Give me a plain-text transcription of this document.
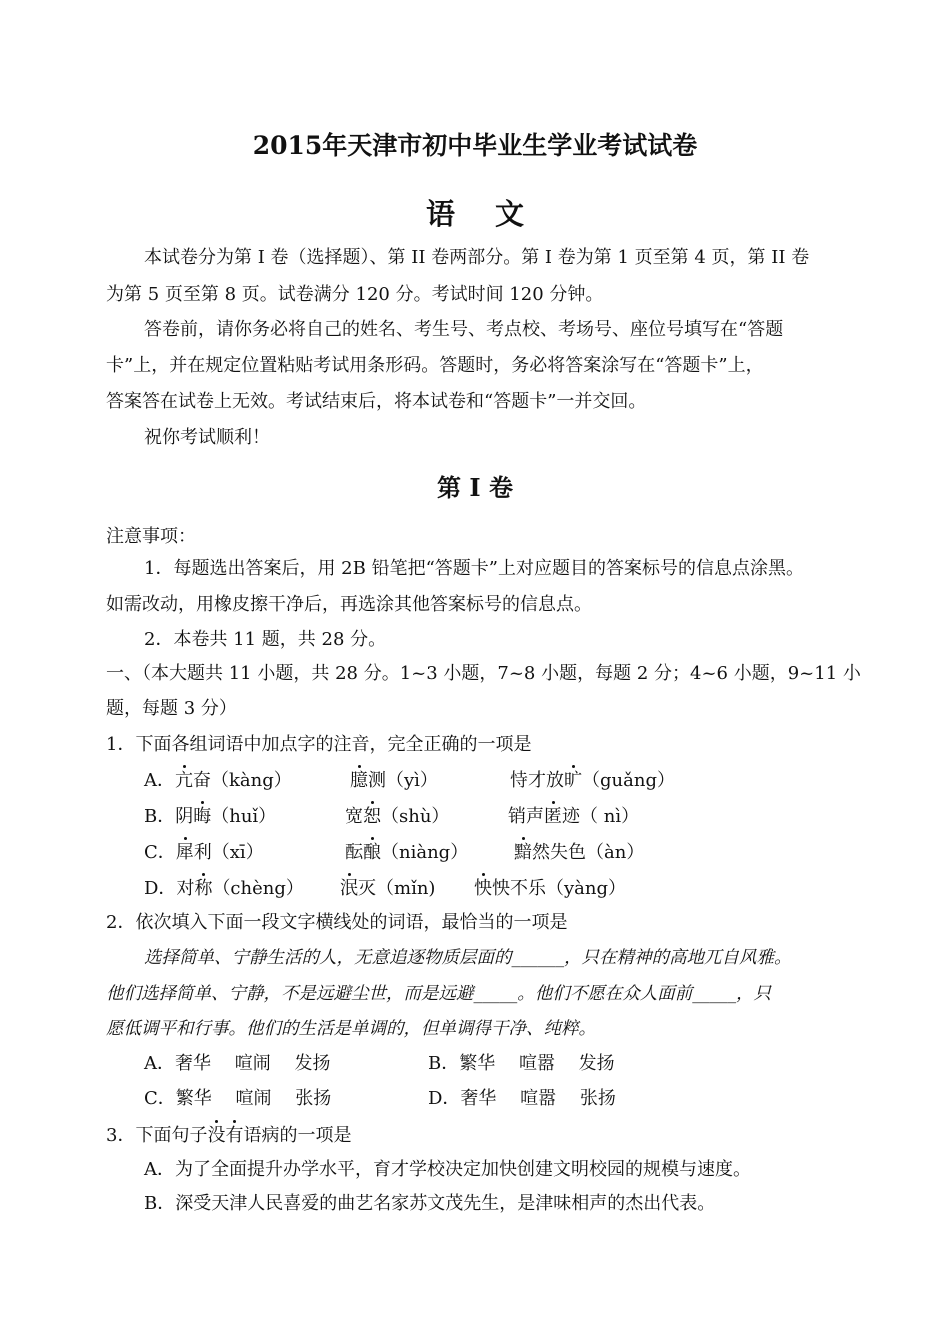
2015年天津市初中毕业生学业考试试卷
语文
本试卷分为第 I 卷（选择题）、第 II 卷两部分。第 I 卷为第 1 页至第 4 页，第 II 卷
为第 5 页至第 8 页。试卷满分 120 分。考试时间 120 分钟。
答卷前，请你务必将自己的姓名、考生号、考点校、考场号、座位号填写在“答题
卡”上，并在规定位置粘贴考试用条形码。答题时，务必将答案涂写在“答题卡”上，
答案答在试卷上无效。考试结束后，将本试卷和“答题卡”一并交回。
祝你考试顺利！
第 I 卷
注意事项：
1．每题选出答案后，用 2B 铅笔把“答题卡”上对应题目的答案标号的信息点涂黑。
如需改动，用橡皮擦干净后，再选涂其他答案标号的信息点。
2．本卷共 11 题，共 28 分。
一、（本大题共 11 小题，共 28 分。1~3 小题，7~8 小题，每题 2 分；4~6 小题，9~11 小
题，每题 3 分）
1．下面各组词语中加点字的注音，完全正确的一项是
A．亢奋（kàng）	臆测（yì）	恃才放旷（guǎng）
B．阴晦（huǐ）	宽恕（shù）	销声匿迹（ nì）
C．犀利（xī）	酝酿（niàng）	黯然失色（àn）
D．对称（chèng） 泯灭（mǐn) 怏怏不乐（yàng）
2．依次填入下面一段文字横线处的词语，最恰当的一项是
选择简单、宁静生活的人，无意追逐物质层面的______，只在精神的高地兀自风雅。
他们选择简单、宁静，不是远避尘世，而是远避_____。他们不愿在众人面前_____，只
愿低调平和行事。他们的生活是单调的，但单调得干净、纯粹。
A．奢华　 喧闹　 发扬	B．繁华　 喧嚣　 发扬
C．繁华　 喧闹　 张扬	D．奢华　 喧嚣　 张扬
3．下面句子没有语病的一项是
A．为了全面提升办学水平，育才学校决定加快创建文明校园的规模与速度。
B．深受天津人民喜爱的曲艺名家苏文茂先生，是津味相声的杰出代表。
